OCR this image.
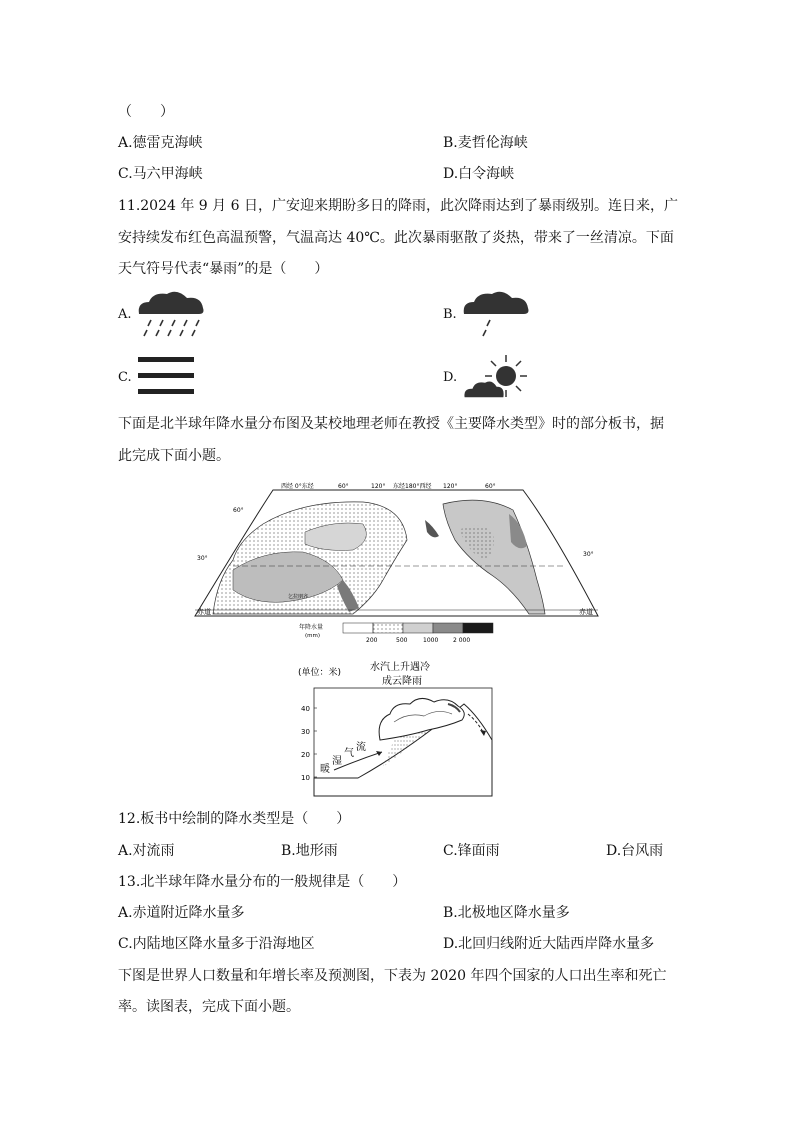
（　　）
A.德雷克海峡	B.麦哲伦海峡
C.马六甲海峡	D.白令海峡
11.2024 年 9 月 6 日，广安迎来期盼多日的降雨，此次降雨达到了暴雨级别。连日来，广
安持续发布红色高温预警，气温高达 40℃。此次暴雨驱散了炎热，带来了一丝清凉。下面
天气符号代表“暴雨”的是（　　）
A.	B.
C.	D.
下面是北半球年降水量分布图及某校地理老师在教授《主要降水类型》时的部分板书，据
此完成下面小题。
西经 0°东经	60°	120° 东经180°西经 120°	60°
60°
30°
30°
赤道	赤道
乞拉朋齐
年降水量
(mm)
200	500	1000 2 000
(单位：米)	水汽上升遇冷
成云降雨
40
30
20
10
暖
湿
气
流
12.板书中绘制的降水类型是（　　）
A.对流雨	B.地形雨	C.锋面雨	D.台风雨
13.北半球年降水量分布的一般规律是（　　）
A.赤道附近降水量多	B.北极地区降水量多
C.内陆地区降水量多于沿海地区	D.北回归线附近大陆西岸降水量多
下图是世界人口数量和年增长率及预测图，下表为 2020 年四个国家的人口出生率和死亡
率。读图表，完成下面小题。
